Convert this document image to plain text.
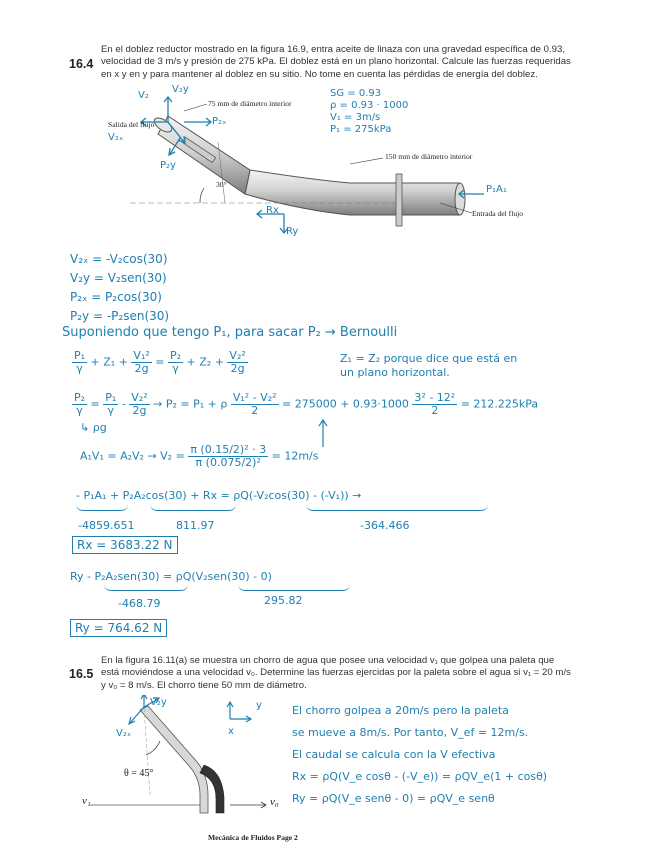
16.4
En el doblez reductor mostrado en la figura 16.9, entra aceite de linaza con una gravedad específica de 0.93,
velocidad de 3 m/s y presión de 275 kPa. El doblez está en un plano horizontal. Calcule las fuerzas requeridas
en x y en y para mantener al doblez en su sitio. No tome en cuenta las pérdidas de energía del doblez.
Salida del flujo
75 mm de diámetro interior
150 mm de diámetro interior
Entrada del flujo
30°
V₂y
V₂
V₂ₓ
P₂ₓ
P₂y
P₁A₁
Rx
Ry
SG = 0.93
ρ = 0.93 · 1000
V₁ = 3m/s
P₁ = 275kPa
V₂ₓ = -V₂cos(30)
V₂y = V₂sen(30)
P₂ₓ = P₂cos(30)
P₂y = -P₂sen(30)
Suponiendo que tengo P₁, para sacar P₂ → Bernoulli
$\frac{\text{P₁}}{\gamma} + Z_1 + \frac{\text{V₁²}}{2g} = \frac{\text{P₂}}{\gamma} + Z_2 + \frac{\text{V₂²}}{2g}$	Z₁ = Z₂ porque dice que está en
un plano horizontal.
$\frac{\text{P₂}}{\gamma} = \frac{\text{P₁}}{\gamma} - \frac{\text{V₂²}}{2g} \to P_2 = P_1 + \rho \frac{\text{V₁² - V₂²}}{2} = 275000 + 0.93\cdot 1000 \frac{\text{3² - 12²}}{2} = 212.225kPa$
↳ ρg
$A_1V_1 = A_2V_2 \to V_2 = \frac{\text{π (0.15/2)² · 3}}{\text{π (0.075/2)²}} = 12m/s$
- P₁A₁ + P₂A₂cos(30) + Rx = ρQ(-V₂cos(30) - (-V₁)) →
-4859.651	811.97	-364.466
Rx = 3683.22 N
Ry - P₂A₂sen(30) = ρQ(V₂sen(30) - 0)
-468.79	295.82
Ry = 764.62 N
16.5
En la figura 16.11(a) se muestra un chorro de agua que posee una velocidad v₁ que golpea una paleta que
está moviéndose a una velocidad v₀. Determine las fuerzas ejercidas por la paleta sobre el agua si v₁ = 20 m/s
y v₀ = 8 m/s. El chorro tiene 50 mm de diámetro.
V₂y
V₂ₓ
y
x
θ = 45°
v₁	v₀
El chorro golpea a 20m/s pero la paleta
se mueve a 8m/s. Por tanto, V_ef = 12m/s.
El caudal se calcula con la V efectiva
Rx = ρQ(V_e cosθ - (-V_e)) = ρQV_e(1 + cosθ)
Ry = ρQ(V_e senθ - 0) = ρQV_e senθ
Mecánica de Fluidos Page 2
